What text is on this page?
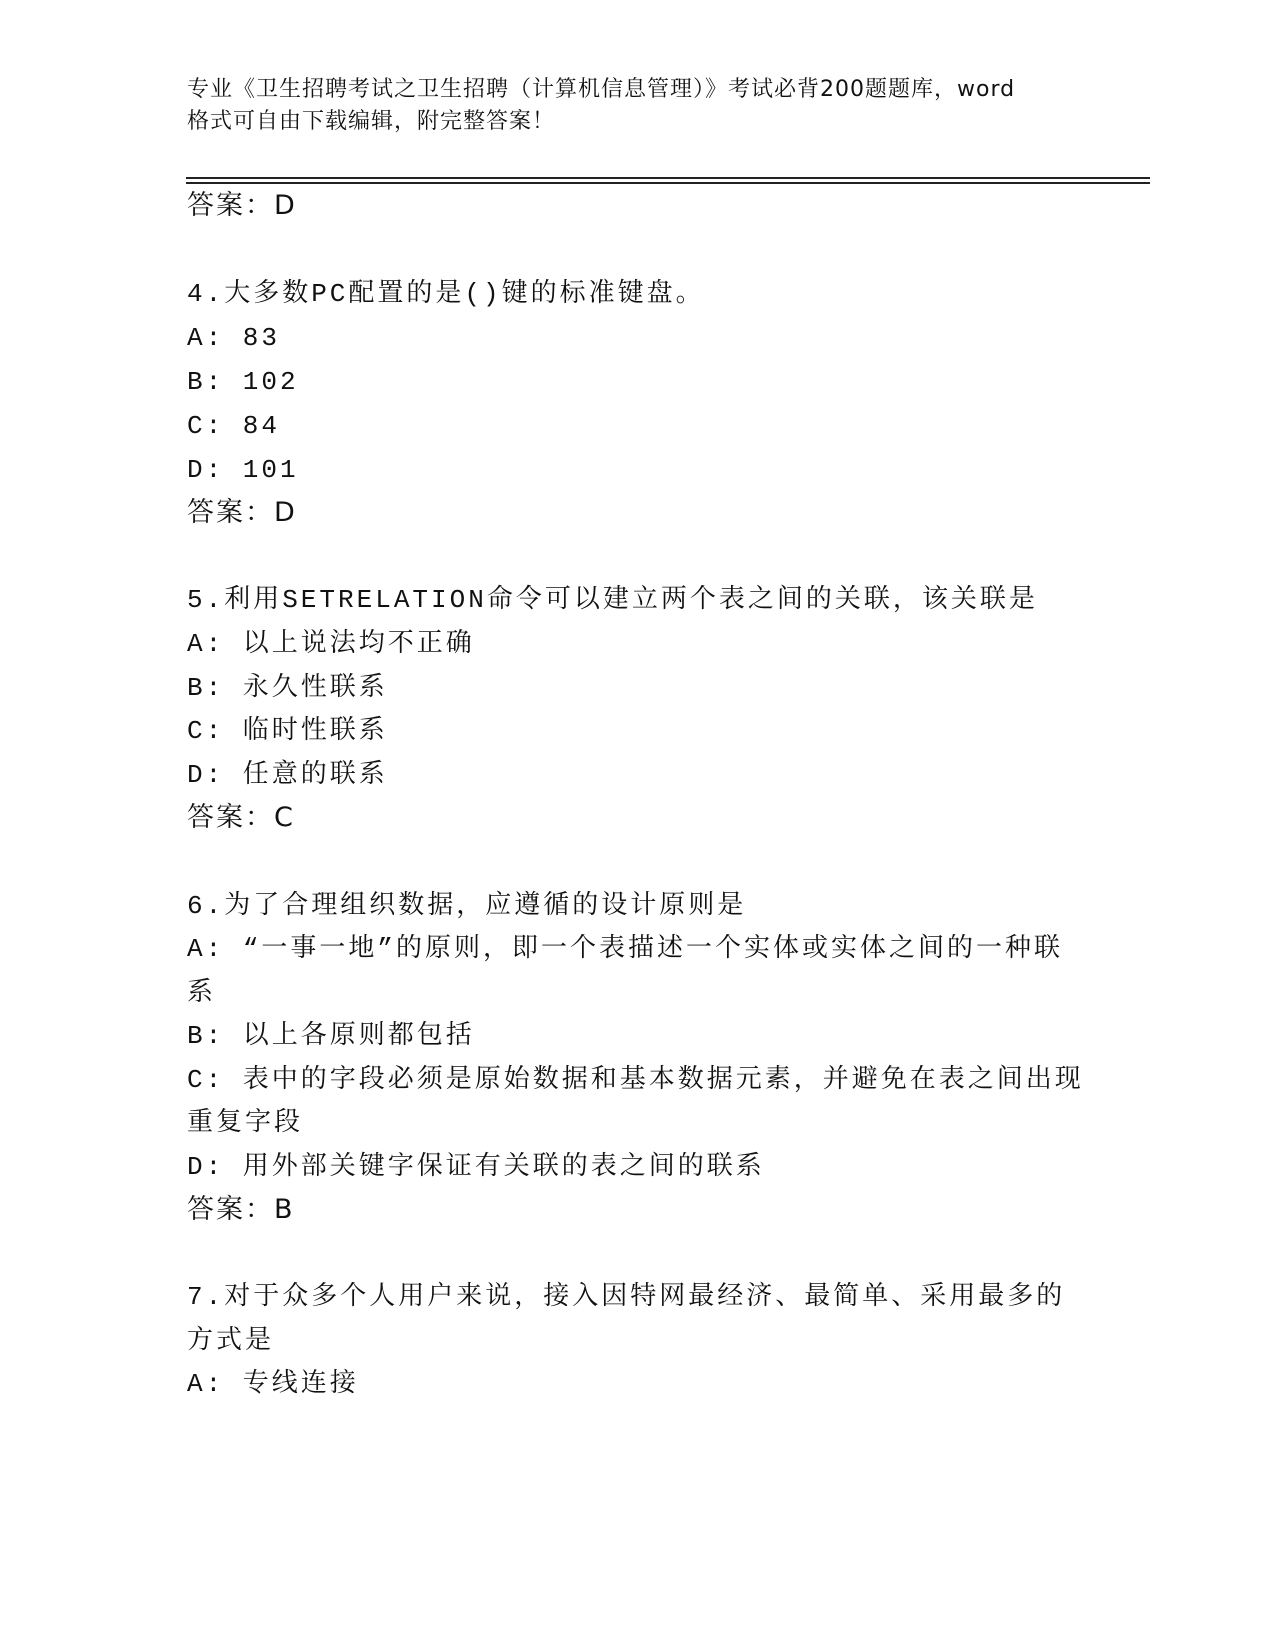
专业《卫生招聘考试之卫生招聘（计算机信息管理）》考试必背200题题库，word
格式可自由下载编辑，附完整答案！
答案：D
4.大多数PC配置的是()键的标准键盘。
A: 83
B: 102
C: 84
D: 101
答案：D
5.利用SETRELATION命令可以建立两个表之间的关联，该关联是
A: 以上说法均不正确
B: 永久性联系
C: 临时性联系
D: 任意的联系
答案：C
6.为了合理组织数据，应遵循的设计原则是
A: “一事一地”的原则，即一个表描述一个实体或实体之间的一种联
系
B: 以上各原则都包括
C: 表中的字段必须是原始数据和基本数据元素，并避免在表之间出现
重复字段
D: 用外部关键字保证有关联的表之间的联系
答案：B
7.对于众多个人用户来说，接入因特网最经济、最简单、采用最多的
方式是
A: 专线连接
